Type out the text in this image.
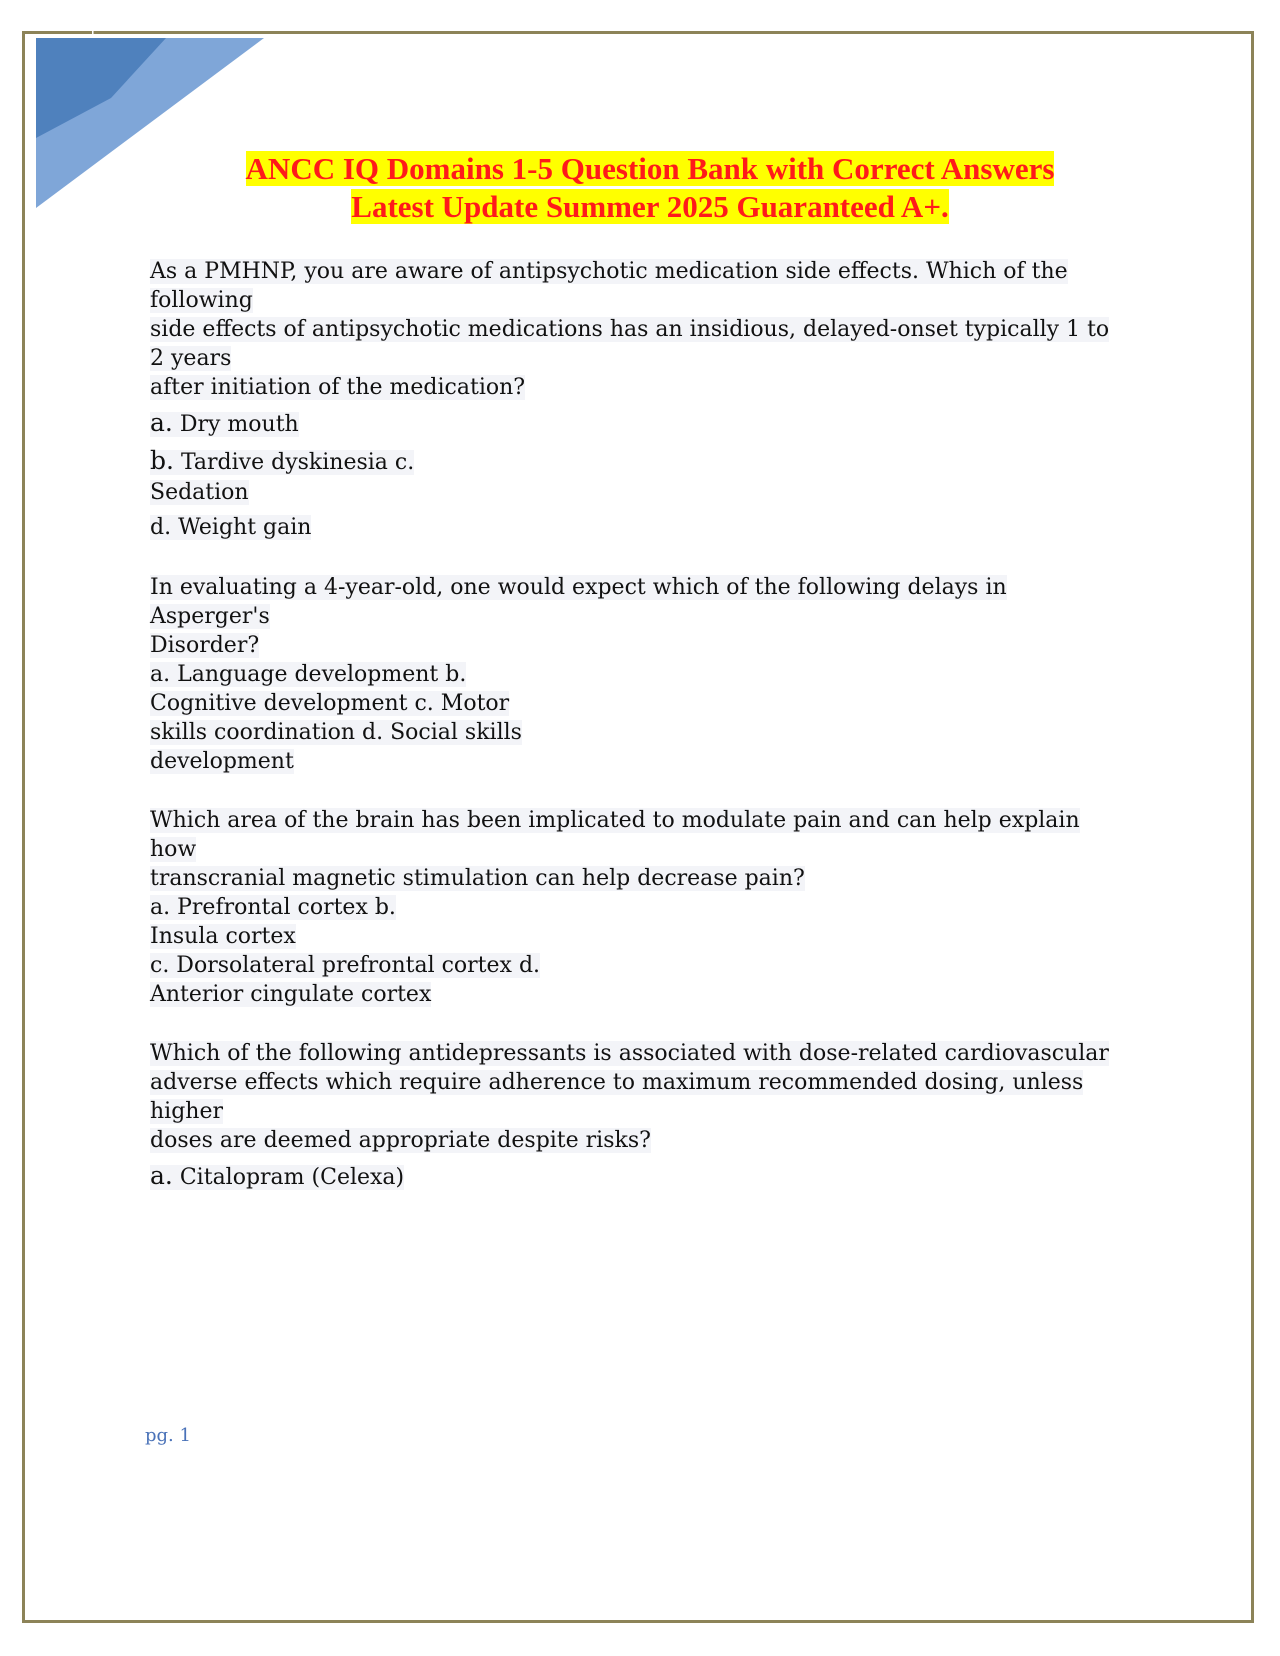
1
ANCC IQ Domains 1-5 Question Bank with Correct Answers
Latest Update Summer 2025 Guaranteed A+.

As a PMHNP, you are aware of antipsychotic medication side effects. Which of the following
side effects of antipsychotic medications has an insidious, delayed-onset typically 1 to 2 years
after initiation of the medication?

a. Dry mouth

b. Tardive dyskinesia c.

Sedation

d. Weight gain

In evaluating a 4-year-old, one would expect which of the following delays in Asperger's
Disorder?

a. Language development b.

Cognitive development c. Motor

skills coordination d. Social skills

development

Which area of the brain has been implicated to modulate pain and can help explain how
transcranial magnetic stimulation can help decrease pain?

a. Prefrontal cortex b.

Insula cortex

c. Dorsolateral prefrontal cortex d.

Anterior cingulate cortex

Which of the following antidepressants is associated with dose-related cardiovascular
adverse effects which require adherence to maximum recommended dosing, unless higher
doses are deemed appropriate despite risks?

a. Citalopram (Celexa)

pg. 1
